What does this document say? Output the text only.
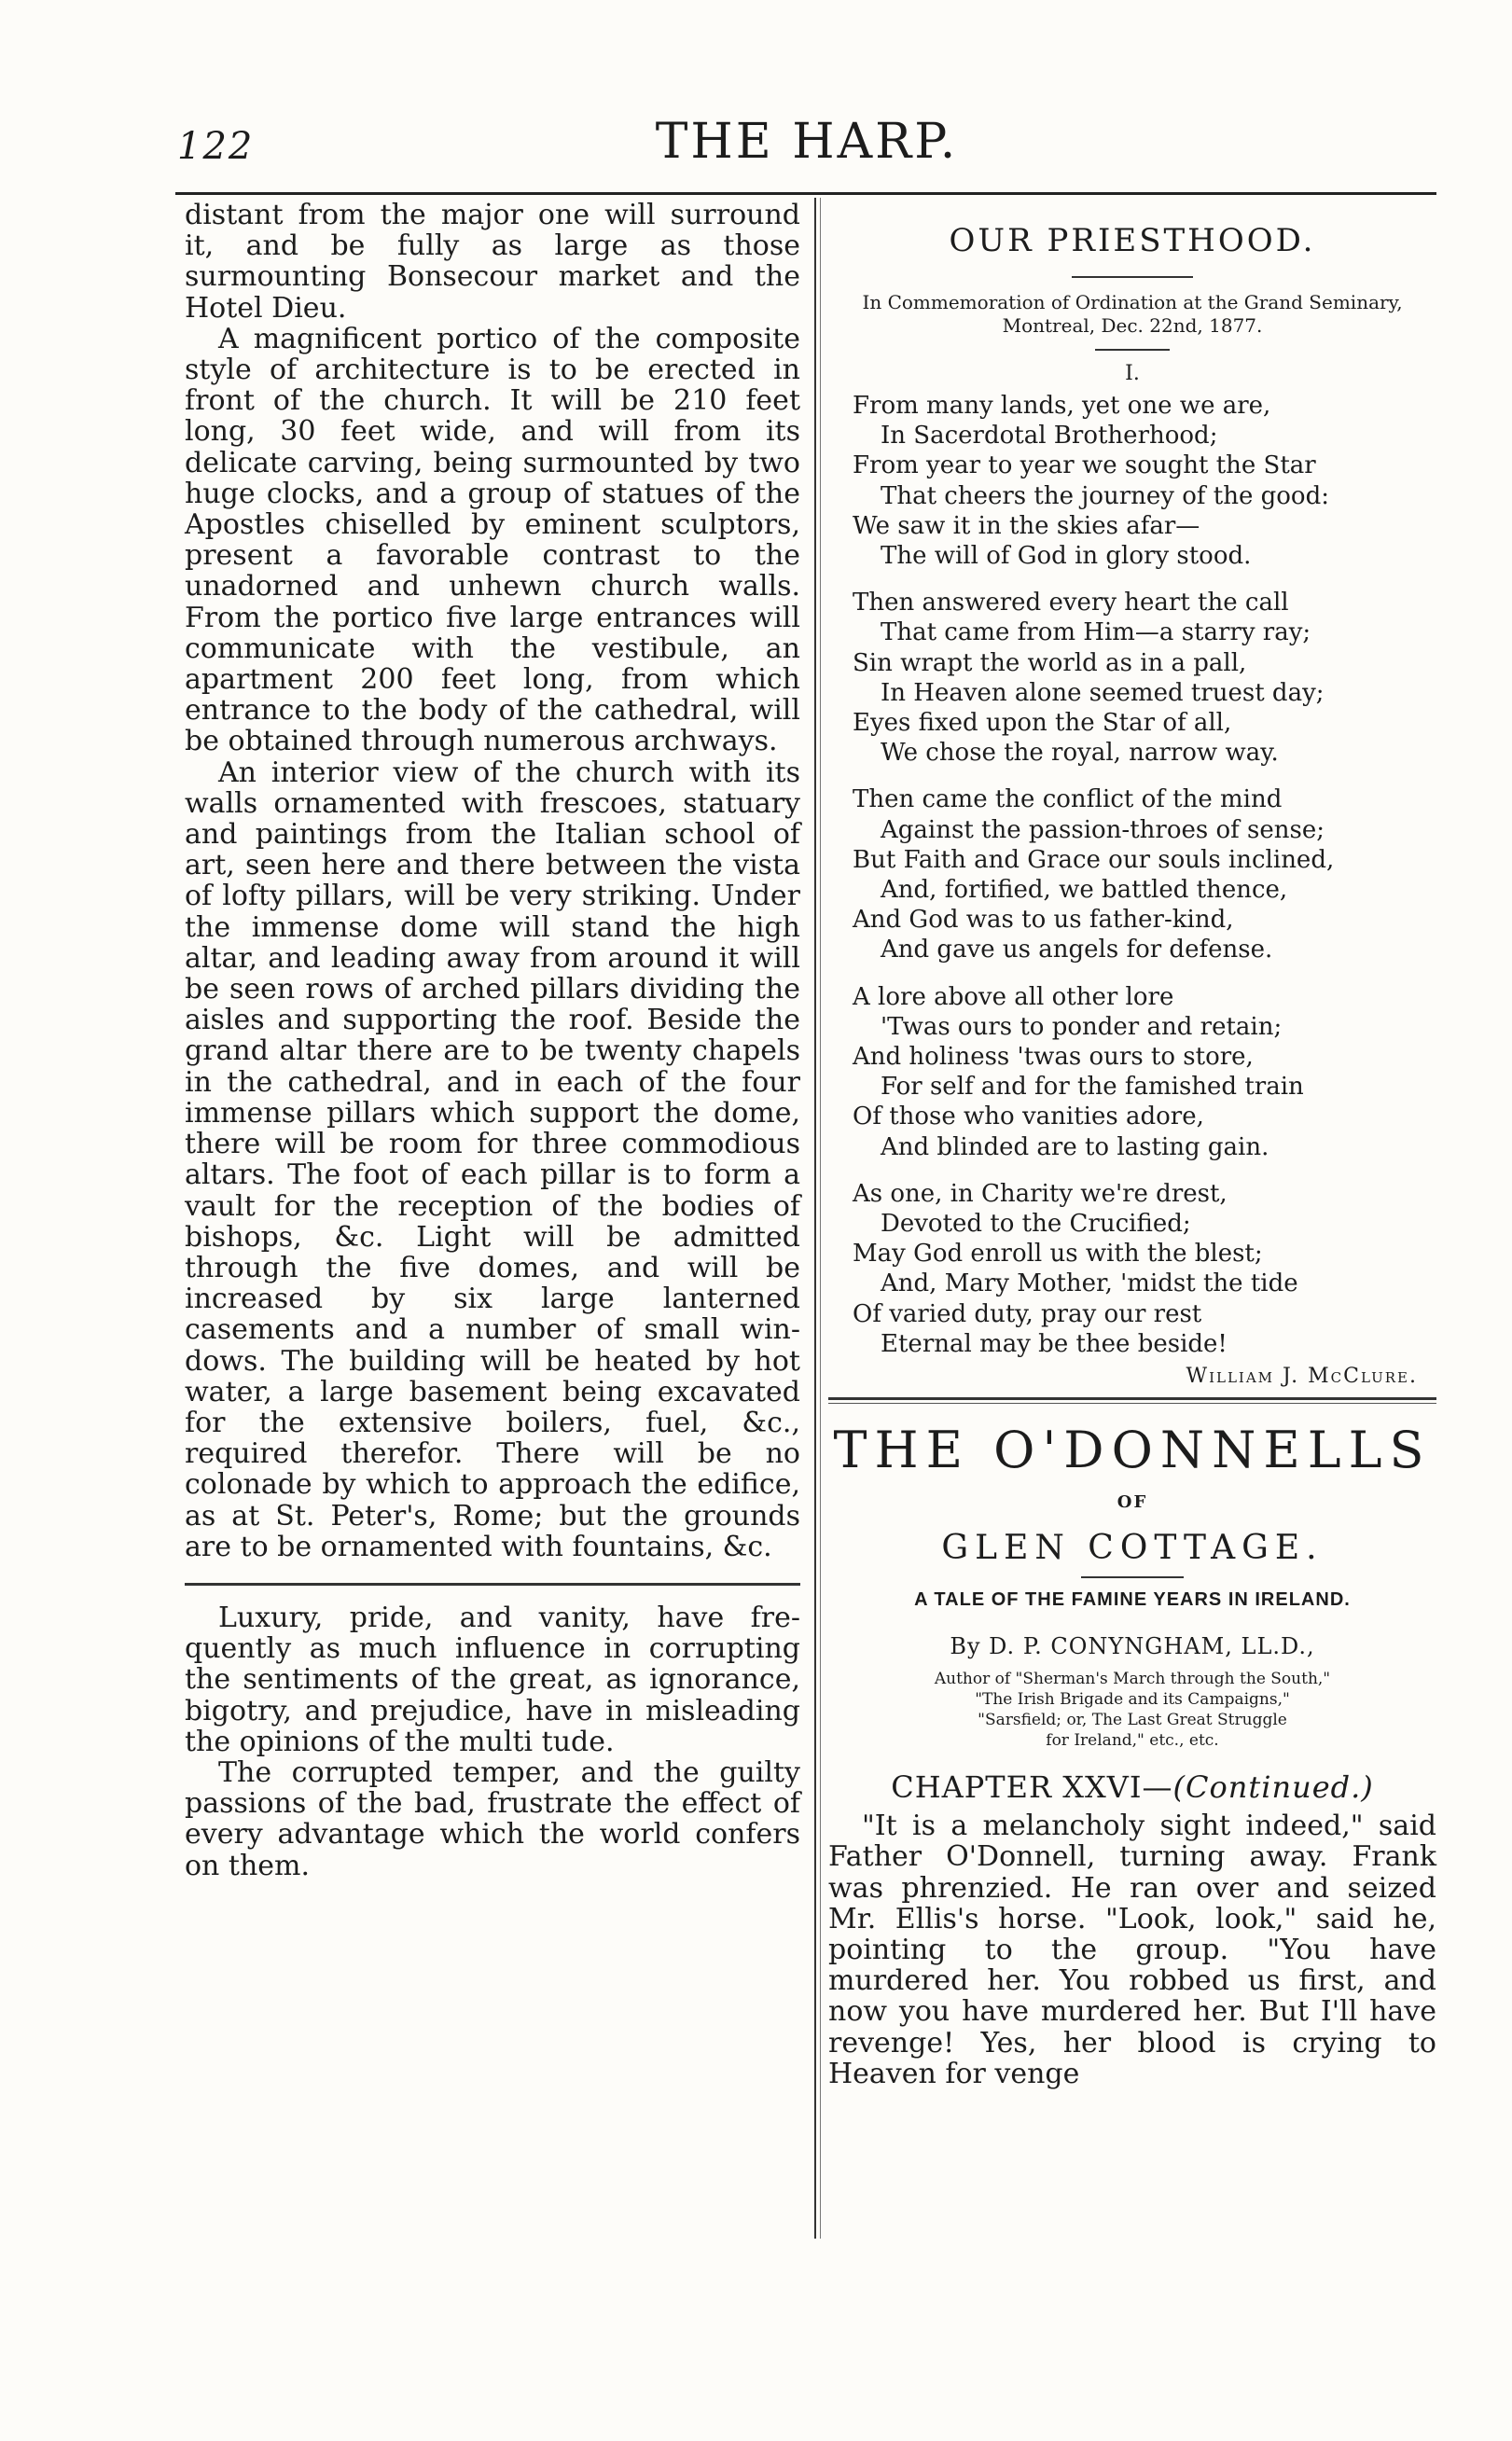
122	THE HARP.

distant from the major one will surround it, and be fully as large as those surmounting Bonsecour market and the Hotel Dieu.

A magnificent portico of the composite style of architecture is to be erected in front of the church. It will be 210 feet long, 30 feet wide, and will from its delicate carving, being surmounted by two huge clocks, and a group of statues of the Apostles chiselled by eminent sculptors, present a favorable contrast to the unadorned and unhewn church walls. From the portico five large entrances will communicate with the vestibule, an apartment 200 feet long, from which entrance to the body of the cathedral, will be obtained through numerous archways.

An interior view of the church with its walls ornamented with frescoes, statuary and paintings from the Italian school of art, seen here and there between the vista of lofty pillars, will be very striking. Under the immense dome will stand the high altar, and leading away from around it will be seen rows of arched pillars dividing the aisles and supporting the roof. Beside the grand altar there are to be twenty chapels in the cathedral, and in each of the four immense pillars which support the dome, there will be room for three commodious altars. The foot of each pillar is to form a vault for the reception of the bodies of bishops, &c. Light will be admitted through the five domes, and will be increased by six large lanterned casements and a number of small windows. The building will be heated by hot water, a large basement being excavated for the extensive boilers, fuel, &c., required therefor. There will be no colonade by which to approach the edifice, as at St. Peter's, Rome; but the grounds are to be ornamented with fountains, &c.

Luxury, pride, and vanity, have frequently as much influence in corrupting the sentiments of the great, as ignorance, bigotry, and prejudice, have in misleading the opinions of the multi tude.

The corrupted temper, and the guilty passions of the bad, frustrate the effect of every advantage which the world confers on them.

OUR PRIESTHOOD.
In Commemoration of Ordination at the Grand Seminary, Montreal, Dec. 22nd, 1877.
I.
From many lands, yet one we are,
In Sacerdotal Brotherhood;
From year to year we sought the Star
That cheers the journey of the good:
We saw it in the skies afar—
The will of God in glory stood.
Then answered every heart the call
That came from Him—a starry ray;
Sin wrapt the world as in a pall,
In Heaven alone seemed truest day;
Eyes fixed upon the Star of all,
We chose the royal, narrow way.
Then came the conflict of the mind
Against the passion-throes of sense;
But Faith and Grace our souls inclined,
And, fortified, we battled thence,
And God was to us father-kind,
And gave us angels for defense.
A lore above all other lore
'Twas ours to ponder and retain;
And holiness 'twas ours to store,
For self and for the famished train
Of those who vanities adore,
And blinded are to lasting gain.
As one, in Charity we're drest,
Devoted to the Crucified;
May God enroll us with the blest;
And, Mary Mother, 'midst the tide
Of varied duty, pray our rest
Eternal may be thee beside!
William J. McClure.
THE O'DONNELLS
OF
GLEN COTTAGE.
A TALE OF THE FAMINE YEARS IN IRELAND.
By D. P. CONYNGHAM, LL.D.,
Author of "Sherman's March through the South,"
"The Irish Brigade and its Campaigns,"
"Sarsfield; or, The Last Great Struggle
for Ireland," etc., etc.
CHAPTER XXVI—(Continued.)

"It is a melancholy sight indeed," said Father O'Donnell, turning away. Frank was phrenzied. He ran over and seized Mr. Ellis's horse. "Look, look," said he, pointing to the group. "You have murdered her. You robbed us first, and now you have murdered her. But I'll have revenge! Yes, her blood is crying to Heaven for venge
